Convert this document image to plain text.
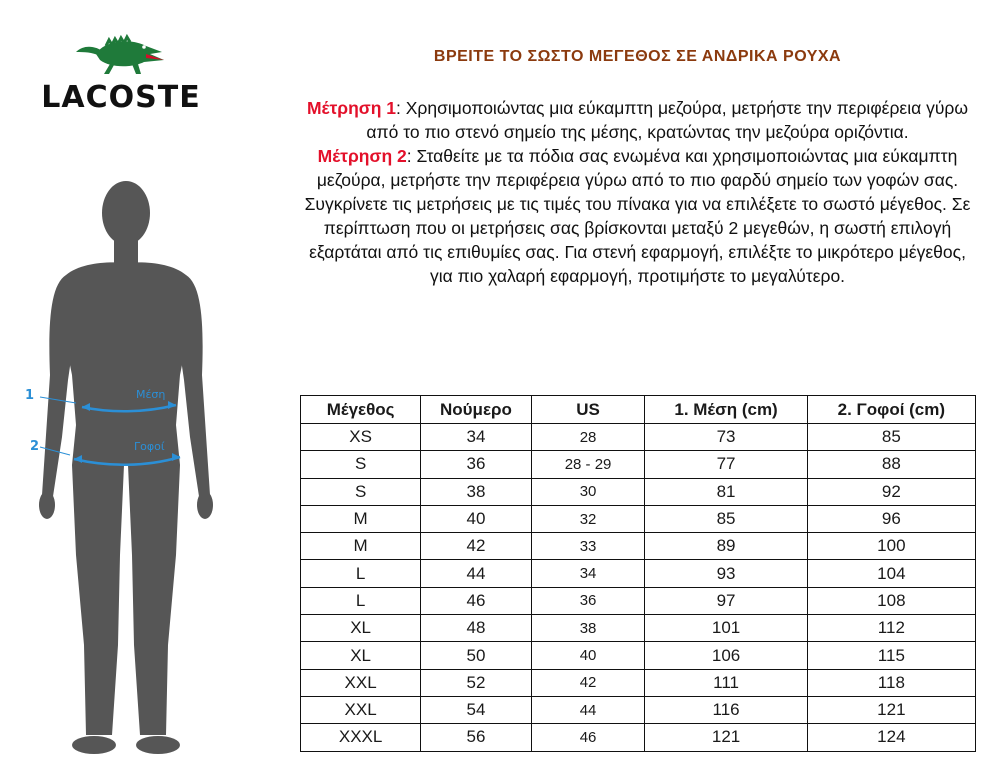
LACOSTE
1
2
Μέση
Γοφοί
ΒΡΕΙΤΕ ΤΟ ΣΩΣΤΟ ΜΕΓΕΘΟΣ ΣΕ ΑΝΔΡΙΚΑ ΡΟΥΧΑ
Μέτρηση 1: Χρησιμοποιώντας μια εύκαμπτη μεζούρα, μετρήστε την περιφέρεια γύρω από το πιο στενό σημείο της μέσης, κρατώντας την μεζούρα οριζόντια.
Μέτρηση 2: Σταθείτε με τα πόδια σας ενωμένα και χρησιμοποιώντας μια εύκαμπτη μεζούρα, μετρήστε την περιφέρεια γύρω από το πιο φαρδύ σημείο των γοφών σας.
Συγκρίνετε τις μετρήσεις με τις τιμές του πίνακα για να επιλέξετε το σωστό μέγεθος. Σε περίπτωση που οι μετρήσεις σας βρίσκονται μεταξύ 2 μεγεθών, η σωστή επιλογή εξαρτάται από τις επιθυμίες σας. Για στενή εφαρμογή, επιλέξτε το μικρότερο μέγεθος, για πιο χαλαρή εφαρμογή, προτιμήστε το μεγαλύτερο.
Μέγεθος	Νούμερο	US	1. Μέση (cm)	2. Γοφοί (cm)
XS	34	28	73	85
S	36	28 - 29	77	88
S	38	30	81	92
M	40	32	85	96
M	42	33	89	100
L	44	34	93	104
L	46	36	97	108
XL	48	38	101	112
XL	50	40	106	115
XXL	52	42	111	118
XXL	54	44	116	121
XXXL	56	46	121	124
